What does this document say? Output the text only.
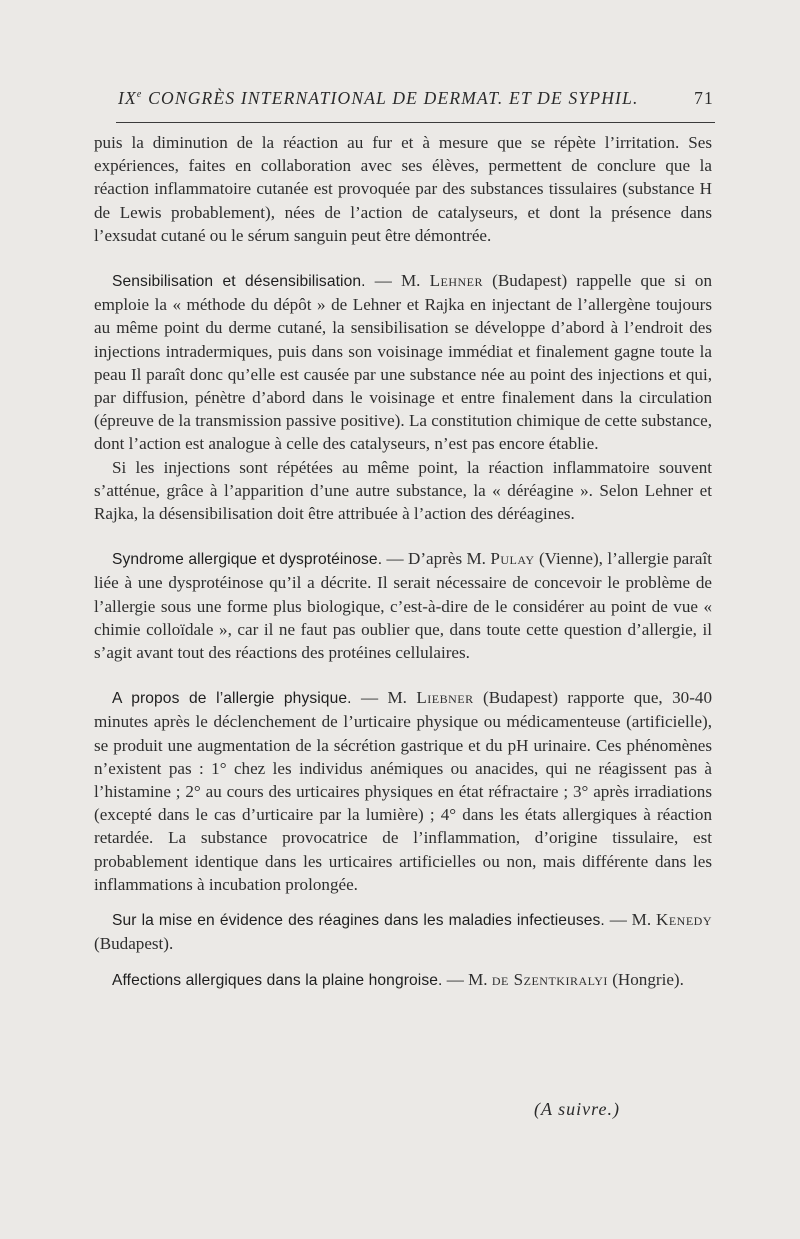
IXe CONGRÈS INTERNATIONAL DE DERMAT. ET DE SYPHIL.	71

puis la diminution de la réaction au fur et à mesure que se répète l’irritation. Ses expériences, faites en collaboration avec ses élèves, permettent de conclure que la réaction inflammatoire cutanée est provoquée par des substances tissulaires (substance H de Lewis probablement), nées de l’action de catalyseurs, et dont la présence dans l’exsudat cutané ou le sérum sanguin peut être démontrée.

Sensibilisation et désensibilisation. — M. Lehner (Budapest) rappelle que si on emploie la « méthode du dépôt » de Lehner et Rajka en injectant de l’allergène toujours au même point du derme cutané, la sensibilisation se développe d’abord à l’endroit des injections intradermiques, puis dans son voisinage immédiat et finalement gagne toute la peau Il paraît donc qu’elle est causée par une substance née au point des injections et qui, par diffusion, pénètre d’abord dans le voisinage et entre finalement dans la circulation (épreuve de la transmission passive positive). La constitution chimique de cette substance, dont l’action est analogue à celle des catalyseurs, n’est pas encore établie.

Si les injections sont répétées au même point, la réaction inflammatoire souvent s’atténue, grâce à l’apparition d’une autre substance, la « déréagine ». Selon Lehner et Rajka, la désensibilisation doit être attribuée à l’action des déréagines.

Syndrome allergique et dysprotéinose. — D’après M. Pulay (Vienne), l’allergie paraît liée à une dysprotéinose qu’il a décrite. Il serait nécessaire de concevoir le problème de l’allergie sous une forme plus biologique, c’est-à-dire de le considérer au point de vue « chimie colloïdale », car il ne faut pas oublier que, dans toute cette question d’allergie, il s’agit avant tout des réactions des protéines cellulaires.

A propos de l’allergie physique. — M. Liebner (Budapest) rapporte que, 30-40 minutes après le déclenchement de l’urticaire physique ou médicamenteuse (artificielle), se produit une augmentation de la sécrétion gastrique et du pH urinaire. Ces phénomènes n’existent pas : 1° chez les individus anémiques ou anacides, qui ne réagissent pas à l’histamine ; 2° au cours des urticaires physiques en état réfractaire ; 3° après irradiations (excepté dans le cas d’urticaire par la lumière) ; 4° dans les états allergiques à réaction retardée. La substance provocatrice de l’inflammation, d’origine tissulaire, est probablement identique dans les urticaires artificielles ou non, mais différente dans les inflammations à incubation prolongée.

Sur la mise en évidence des réagines dans les maladies infectieuses. — M. Kenedy (Budapest).

Affections allergiques dans la plaine hongroise. — M. de Szentkiralyi (Hongrie).

(A suivre.)
